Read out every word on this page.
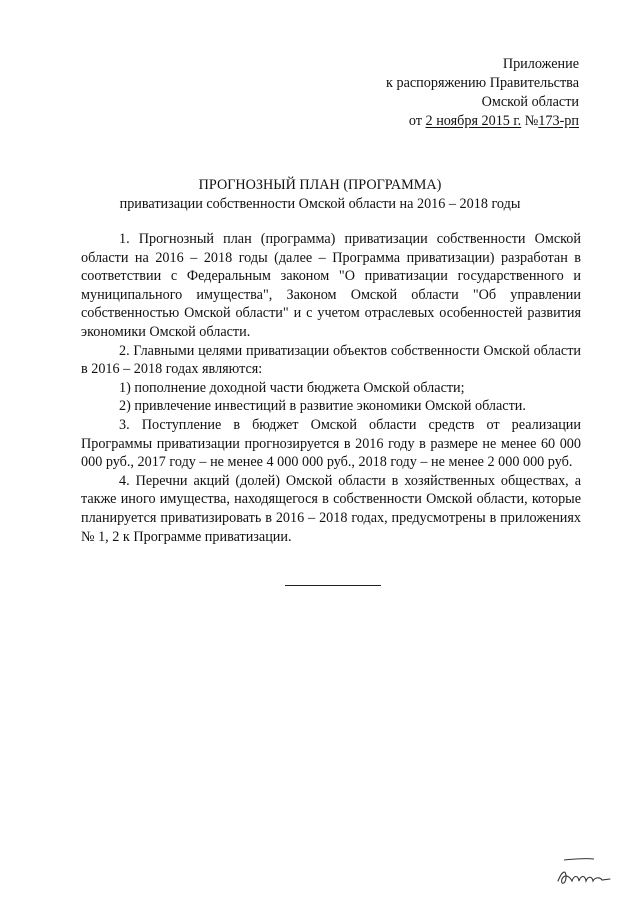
Приложение
к распоряжению Правительства
Омской области
от 2 ноября 2015 г. №173-рп
ПРОГНОЗНЫЙ ПЛАН (ПРОГРАММА)
приватизации собственности Омской области на 2016 – 2018 годы

1. Прогнозный план (программа) приватизации собственности Омской области на 2016 – 2018 годы (далее – Программа приватизации) разработан в соответствии с Федеральным законом "О приватизации государственного и муниципального имущества", Законом Омской области "Об управлении собственностью Омской области" и с учетом отраслевых особенностей развития экономики Омской области.

2. Главными целями приватизации объектов собственности Омской области в 2016 – 2018 годах являются:

1) пополнение доходной части бюджета Омской области;

2) привлечение инвестиций в развитие экономики Омской области.

3. Поступление в бюджет Омской области средств от реализации Программы приватизации прогнозируется в 2016 году в размере не менее 60 000 000 руб., 2017 году – не менее 4 000 000 руб., 2018 году – не менее 2 000 000 руб.

4. Перечни акций (долей) Омской области в хозяйственных обществах, а также иного имущества, находящегося в собственности Омской области, которые планируется приватизировать в 2016 – 2018 годах, предусмотрены в приложениях № 1, 2 к Программе приватизации.
